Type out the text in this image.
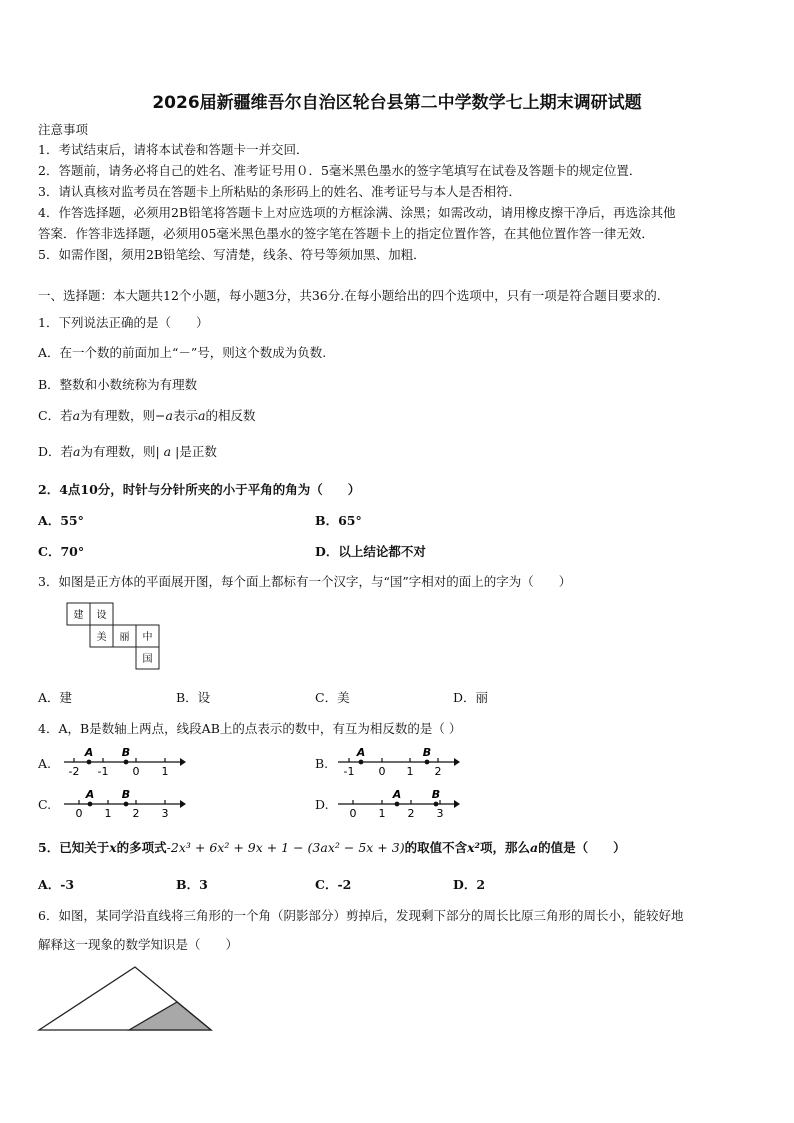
2026届新疆维吾尔自治区轮台县第二中学数学七上期末调研试题
注意事项
1．考试结束后，请将本试卷和答题卡一并交回．
2．答题前，请务必将自己的姓名、准考证号用０．5毫米黑色墨水的签字笔填写在试卷及答题卡的规定位置．
3．请认真核对监考员在答题卡上所粘贴的条形码上的姓名、准考证号与本人是否相符．
4．作答选择题，必须用2B铅笔将答题卡上对应选项的方框涂满、涂黑；如需改动，请用橡皮擦干净后，再选涂其他
答案．作答非选择题，必须用05毫米黑色墨水的签字笔在答题卡上的指定位置作答，在其他位置作答一律无效．
5．如需作图，须用2B铅笔绘、写清楚，线条、符号等须加黑、加粗．
一、选择题：本大题共12个小题，每小题3分，共36分.在每小题给出的四个选项中，只有一项是符合题目要求的.
1．下列说法正确的是（　　）
A．在一个数的前面加上“－”号，则这个数成为负数.
B．整数和小数统称为有理数
C．若a为有理数，则−a表示a的相反数
D．若a为有理数，则| a |是正数
2．4点10分，时针与分针所夹的小于平角的角为（　　）
A．55°	B．65°
C．70°	D．以上结论都不对
3．如图是正方体的平面展开图，每个面上都标有一个汉字，与“国”字相对的面上的字为（　　）
建 设
美 丽 中
国
A．建	B．设	C．美	D．丽
4．A，B是数轴上两点，线段AB上的点表示的数中，有互为相反数的是（ ）
A.
A	B
-2 -1 0 1
B.
A	B
-1 0 1 2
C.
A	B
0 1 2 3
D.
A	B
0 1 2 3
5．已知关于x的多项式-2x³ + 6x² + 9x + 1 − (3ax² − 5x + 3)的取值不含x²项，那么a的值是（　　）
A．-3	B．3	C．-2	D．2
6．如图，某同学沿直线将三角形的一个角（阴影部分）剪掉后，发现剩下部分的周长比原三角形的周长小，能较好地
解释这一现象的数学知识是（　　）
